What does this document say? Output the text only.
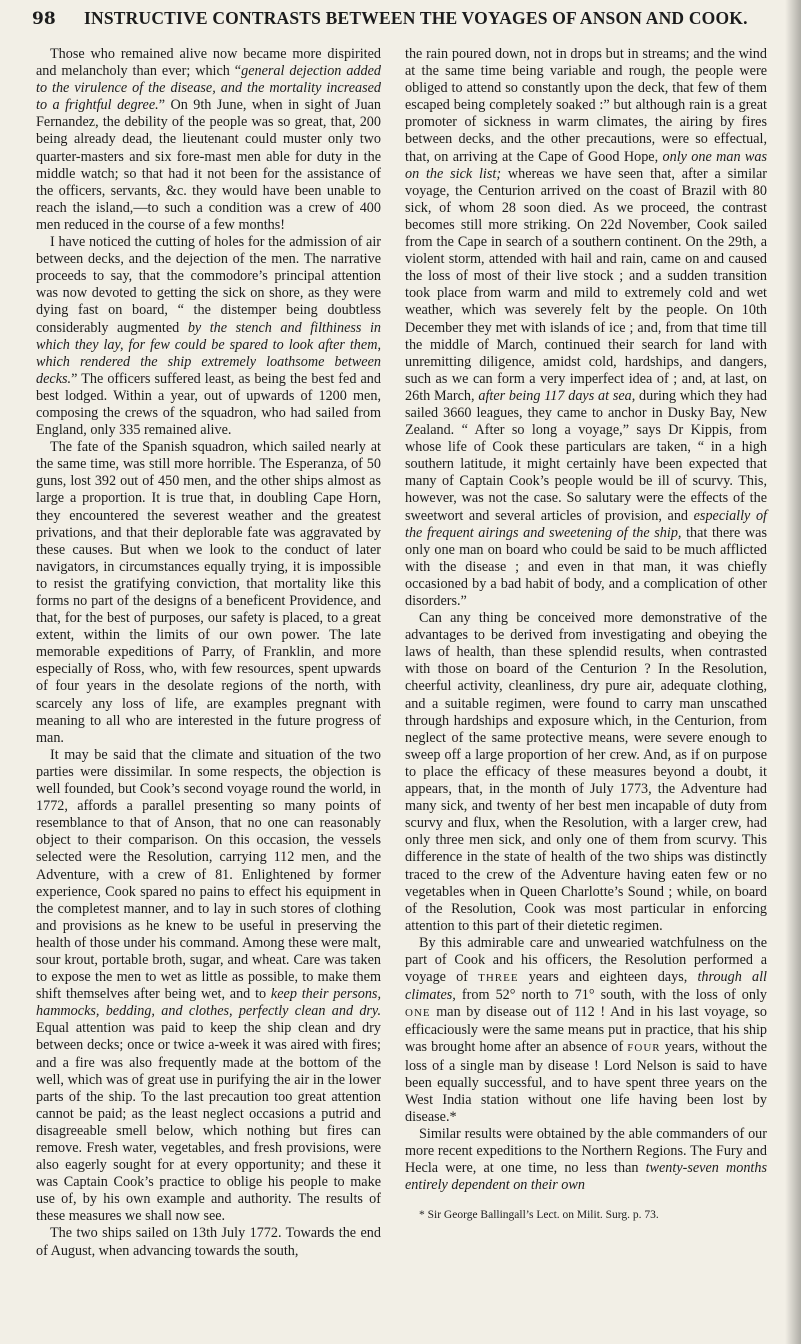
98	INSTRUCTIVE CONTRASTS BETWEEN THE VOYAGES OF ANSON AND COOK.

Those who remained alive now became more dispirited and melancholy than ever; which “general dejection added to the virulence of the disease, and the mortality increased to a frightful degree.” On 9th June, when in sight of Juan Fernandez, the debility of the people was so great, that, 200 being already dead, the lieutenant could muster only two quarter-masters and six fore-mast men able for duty in the middle watch; so that had it not been for the assistance of the officers, servants, &c. they would have been unable to reach the island,—to such a condition was a crew of 400 men reduced in the course of a few months!

I have noticed the cutting of holes for the admission of air between decks, and the dejection of the men. The narrative proceeds to say, that the commodore’s principal attention was now devoted to getting the sick on shore, as they were dying fast on board, “ the distemper being doubtless considerably augmented by the stench and filthiness in which they lay, for few could be spared to look after them, which rendered the ship extremely loathsome between decks.” The officers suffered least, as being the best fed and best lodged. Within a year, out of upwards of 1200 men, composing the crews of the squadron, who had sailed from England, only 335 remained alive.

The fate of the Spanish squadron, which sailed nearly at the same time, was still more horrible. The Esperanza, of 50 guns, lost 392 out of 450 men, and the other ships almost as large a proportion. It is true that, in doubling Cape Horn, they encountered the severest weather and the greatest privations, and that their deplorable fate was aggravated by these causes. But when we look to the conduct of later navigators, in circumstances equally trying, it is impossible to resist the gratifying conviction, that mortality like this forms no part of the designs of a beneficent Providence, and that, for the best of purposes, our safety is placed, to a great extent, within the limits of our own power. The late memorable expeditions of Parry, of Franklin, and more especially of Ross, who, with few resources, spent upwards of four years in the desolate regions of the north, with scarcely any loss of life, are examples pregnant with meaning to all who are interested in the future progress of man.

It may be said that the climate and situation of the two parties were dissimilar. In some respects, the objection is well founded, but Cook’s second voyage round the world, in 1772, affords a parallel presenting so many points of resemblance to that of Anson, that no one can reasonably object to their comparison. On this occasion, the vessels selected were the Resolution, carrying 112 men, and the Adventure, with a crew of 81. Enlightened by former experience, Cook spared no pains to effect his equipment in the completest manner, and to lay in such stores of clothing and provisions as he knew to be useful in preserving the health of those under his command. Among these were malt, sour krout, portable broth, sugar, and wheat. Care was taken to expose the men to wet as little as possible, to make them shift themselves after being wet, and to keep their persons, hammocks, bedding, and clothes, perfectly clean and dry. Equal attention was paid to keep the ship clean and dry between decks; once or twice a-week it was aired with fires; and a fire was also frequently made at the bottom of the well, which was of great use in purifying the air in the lower parts of the ship. To the last precaution too great attention cannot be paid; as the least neglect occasions a putrid and disagreeable smell below, which nothing but fires can remove. Fresh water, vegetables, and fresh provisions, were also eagerly sought for at every opportunity; and these it was Captain Cook’s practice to oblige his people to make use of, by his own example and authority. The results of these measures we shall now see.

The two ships sailed on 13th July 1772. Towards the end of August, when advancing towards the south,

the rain poured down, not in drops but in streams; and the wind at the same time being variable and rough, the people were obliged to attend so constantly upon the deck, that few of them escaped being completely soaked :” but although rain is a great promoter of sickness in warm climates, the airing by fires between decks, and the other precautions, were so effectual, that, on arriving at the Cape of Good Hope, only one man was on the sick list; whereas we have seen that, after a similar voyage, the Centurion arrived on the coast of Brazil with 80 sick, of whom 28 soon died. As we proceed, the contrast becomes still more striking. On 22d November, Cook sailed from the Cape in search of a southern continent. On the 29th, a violent storm, attended with hail and rain, came on and caused the loss of most of their live stock ; and a sudden transition took place from warm and mild to extremely cold and wet weather, which was severely felt by the people. On 10th December they met with islands of ice ; and, from that time till the middle of March, continued their search for land with unremitting diligence, amidst cold, hardships, and dangers, such as we can form a very imperfect idea of ; and, at last, on 26th March, after being 117 days at sea, during which they had sailed 3660 leagues, they came to anchor in Dusky Bay, New Zealand. “ After so long a voyage,” says Dr Kippis, from whose life of Cook these particulars are taken, “ in a high southern latitude, it might certainly have been expected that many of Captain Cook’s people would be ill of scurvy. This, however, was not the case. So salutary were the effects of the sweetwort and several articles of provision, and especially of the frequent airings and sweetening of the ship, that there was only one man on board who could be said to be much afflicted with the disease ; and even in that man, it was chiefly occasioned by a bad habit of body, and a complication of other disorders.”

Can any thing be conceived more demonstrative of the advantages to be derived from investigating and obeying the laws of health, than these splendid results, when contrasted with those on board of the Centurion ? In the Resolution, cheerful activity, cleanliness, dry pure air, adequate clothing, and a suitable regimen, were found to carry man unscathed through hardships and exposure which, in the Centurion, from neglect of the same protective means, were severe enough to sweep off a large proportion of her crew. And, as if on purpose to place the efficacy of these measures beyond a doubt, it appears, that, in the month of July 1773, the Adventure had many sick, and twenty of her best men incapable of duty from scurvy and flux, when the Resolution, with a larger crew, had only three men sick, and only one of them from scurvy. This difference in the state of health of the two ships was distinctly traced to the crew of the Adventure having eaten few or no vegetables when in Queen Charlotte’s Sound ; while, on board of the Resolution, Cook was most particular in enforcing attention to this part of their dietetic regimen.

By this admirable care and unwearied watchfulness on the part of Cook and his officers, the Resolution performed a voyage of THREE years and eighteen days, through all climates, from 52° north to 71° south, with the loss of only ONE man by disease out of 112 ! And in his last voyage, so efficaciously were the same means put in practice, that his ship was brought home after an absence of FOUR years, without the loss of a single man by disease ! Lord Nelson is said to have been equally successful, and to have spent three years on the West India station without one life having been lost by disease.*

Similar results were obtained by the able commanders of our more recent expeditions to the Northern Regions. The Fury and Hecla were, at one time, no less than twenty-seven months entirely dependent on their own

* Sir George Ballingall’s Lect. on Milit. Surg. p. 73.
